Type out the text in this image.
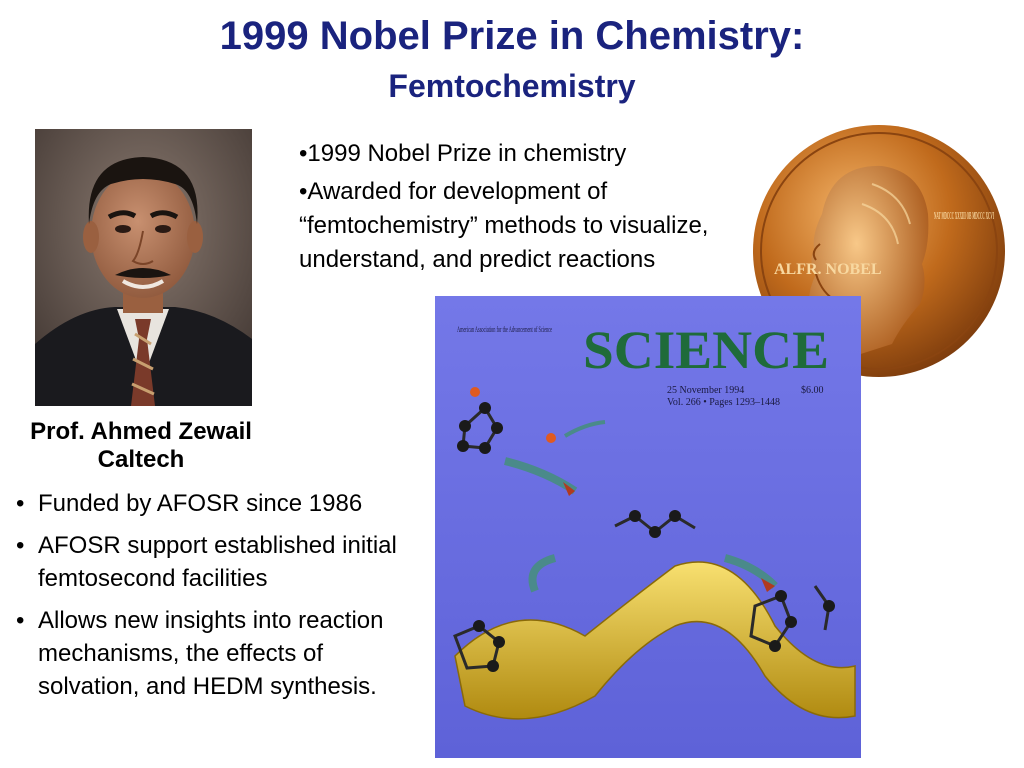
1999 Nobel Prize in Chemistry:
Femtochemistry
Prof. Ahmed Zewail
Caltech

•1999 Nobel Prize in chemistry

•Awarded for development of “femtochemistry” methods to visualize, understand, and predict reactions	ALFR. NOBEL
NAT MDCCC XXXIII OB MDCCC XCVI
American Association for the Advancement of Science SCIENCE
25 November 1994	$6.00
Vol. 266 • Pages 1293–1448
• Funded by AFOSR since 1986
• AFOSR support established initial femtosecond facilities
• Allows new insights into reaction mechanisms, the effects of solvation, and HEDM synthesis.
